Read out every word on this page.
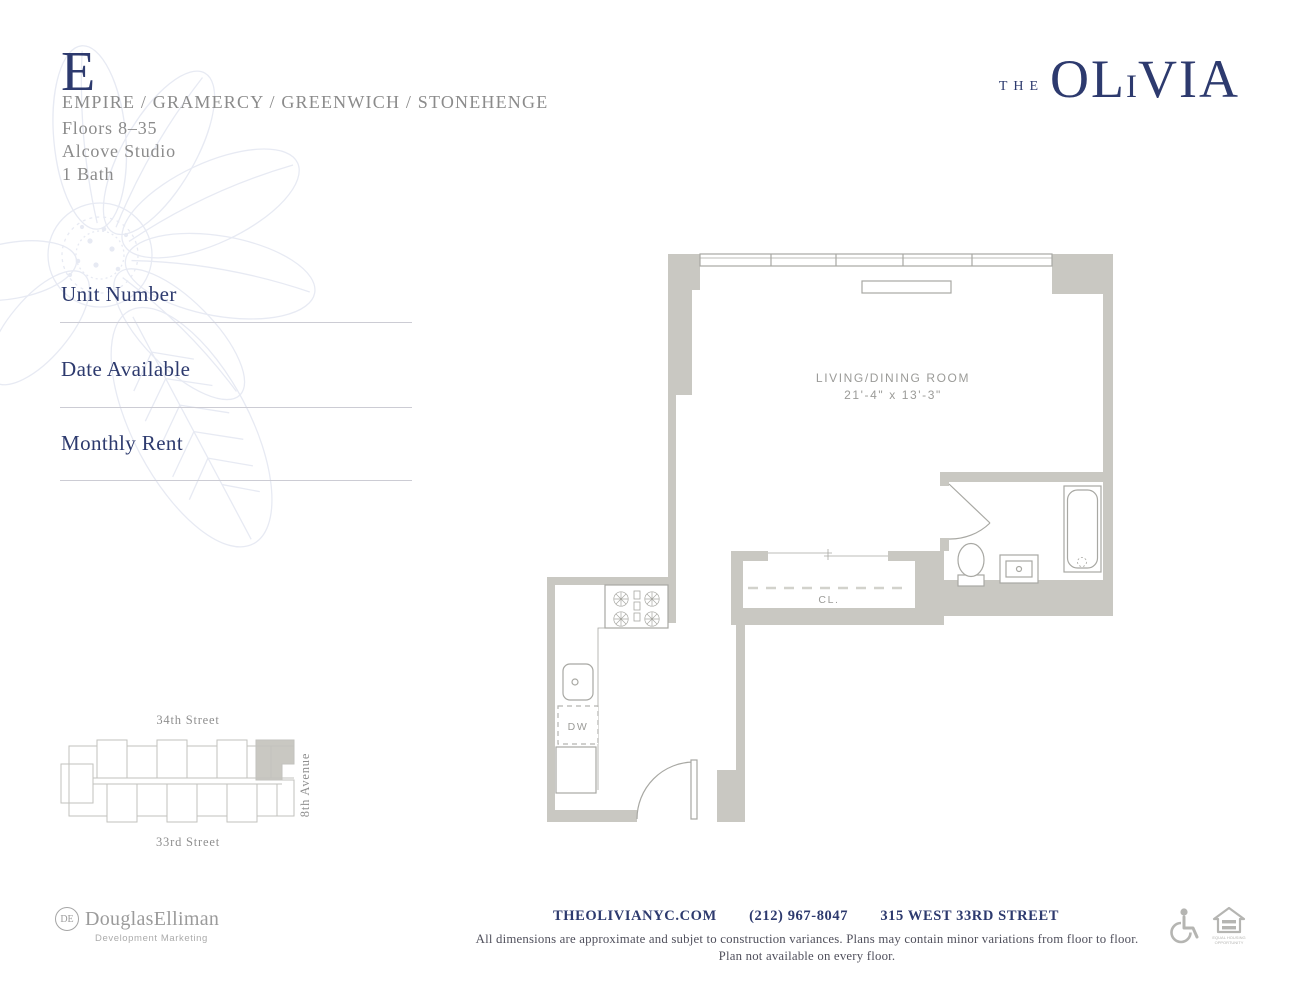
E
EMPIRE / GRAMERCY / GREENWICH / STONEHENGE
Floors 8–35
Alcove Studio
1 Bath
THE OLIVIA
Unit Number
Date Available
Monthly Rent
LIVING/DINING ROOM
21'-4" x 13'-3"
CL.
DW
34th Street
33rd Street
8th Avenue
DE DouglasElliman
Development Marketing
THEOLIVIANYC.COM (212) 967-8047 315 WEST 33RD STREET
All dimensions are approximate and subjet to construction variances. Plans may contain minor variations from floor to floor.
Plan not available on every floor.
EQUAL HOUSING
OPPORTUNITY
